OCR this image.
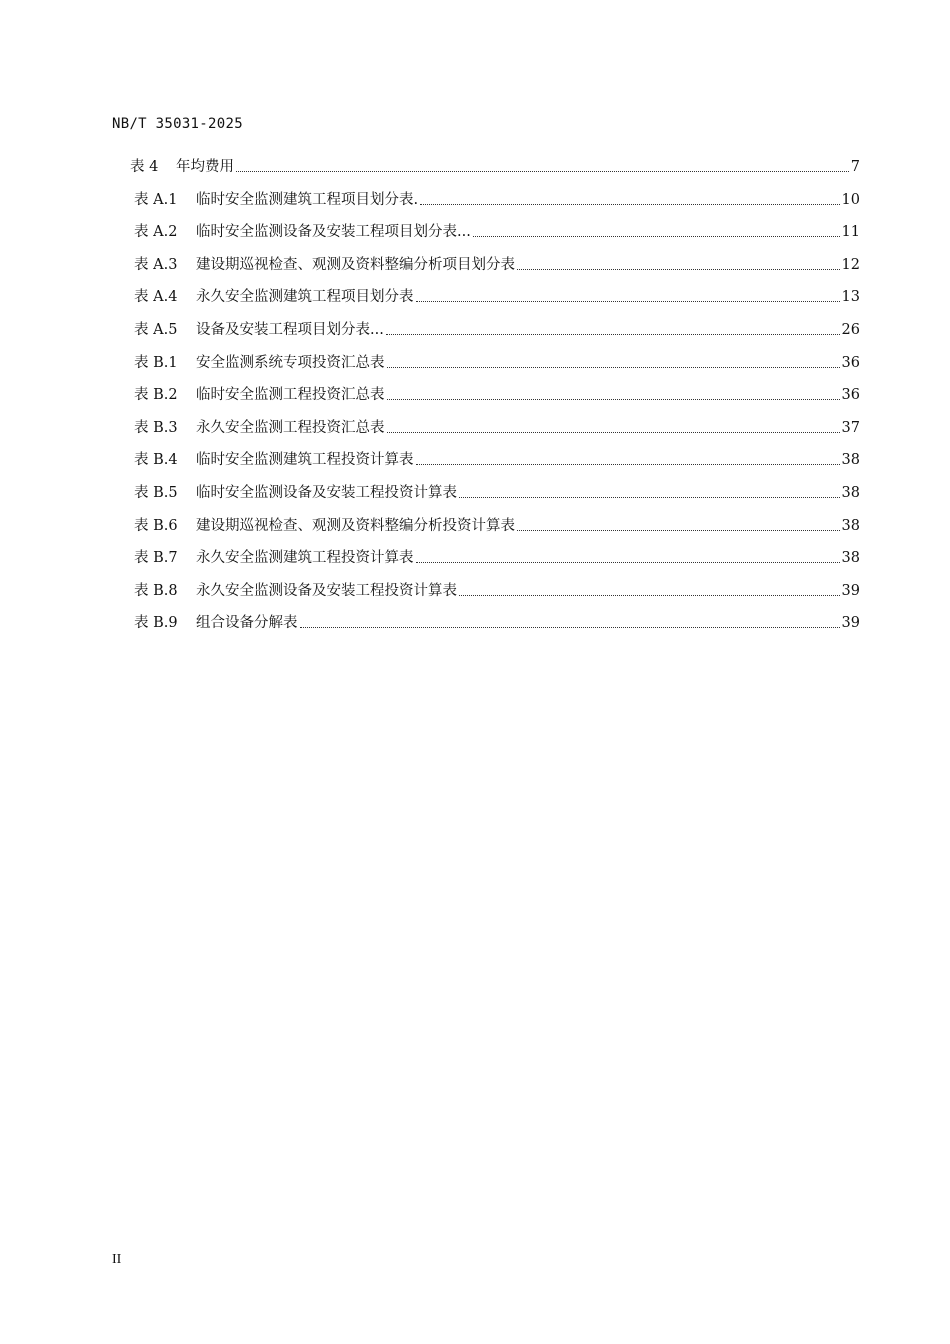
NB/T 35031-2025
表 4	年均费用	7
表 A.1	临时安全监测建筑工程项目划分表.	10
表 A.2	临时安全监测设备及安装工程项目划分表...	11
表 A.3	建设期巡视检查、观测及资料整编分析项目划分表	12
表 A.4	永久安全监测建筑工程项目划分表	13
表 A.5	设备及安装工程项目划分表...	26
表 B.1	安全监测系统专项投资汇总表	36
表 B.2	临时安全监测工程投资汇总表	36
表 B.3	永久安全监测工程投资汇总表	37
表 B.4	临时安全监测建筑工程投资计算表	38
表 B.5	临时安全监测设备及安装工程投资计算表	38
表 B.6	建设期巡视检查、观测及资料整编分析投资计算表	38
表 B.7	永久安全监测建筑工程投资计算表	38
表 B.8	永久安全监测设备及安装工程投资计算表	39
表 B.9	组合设备分解表	39
II
